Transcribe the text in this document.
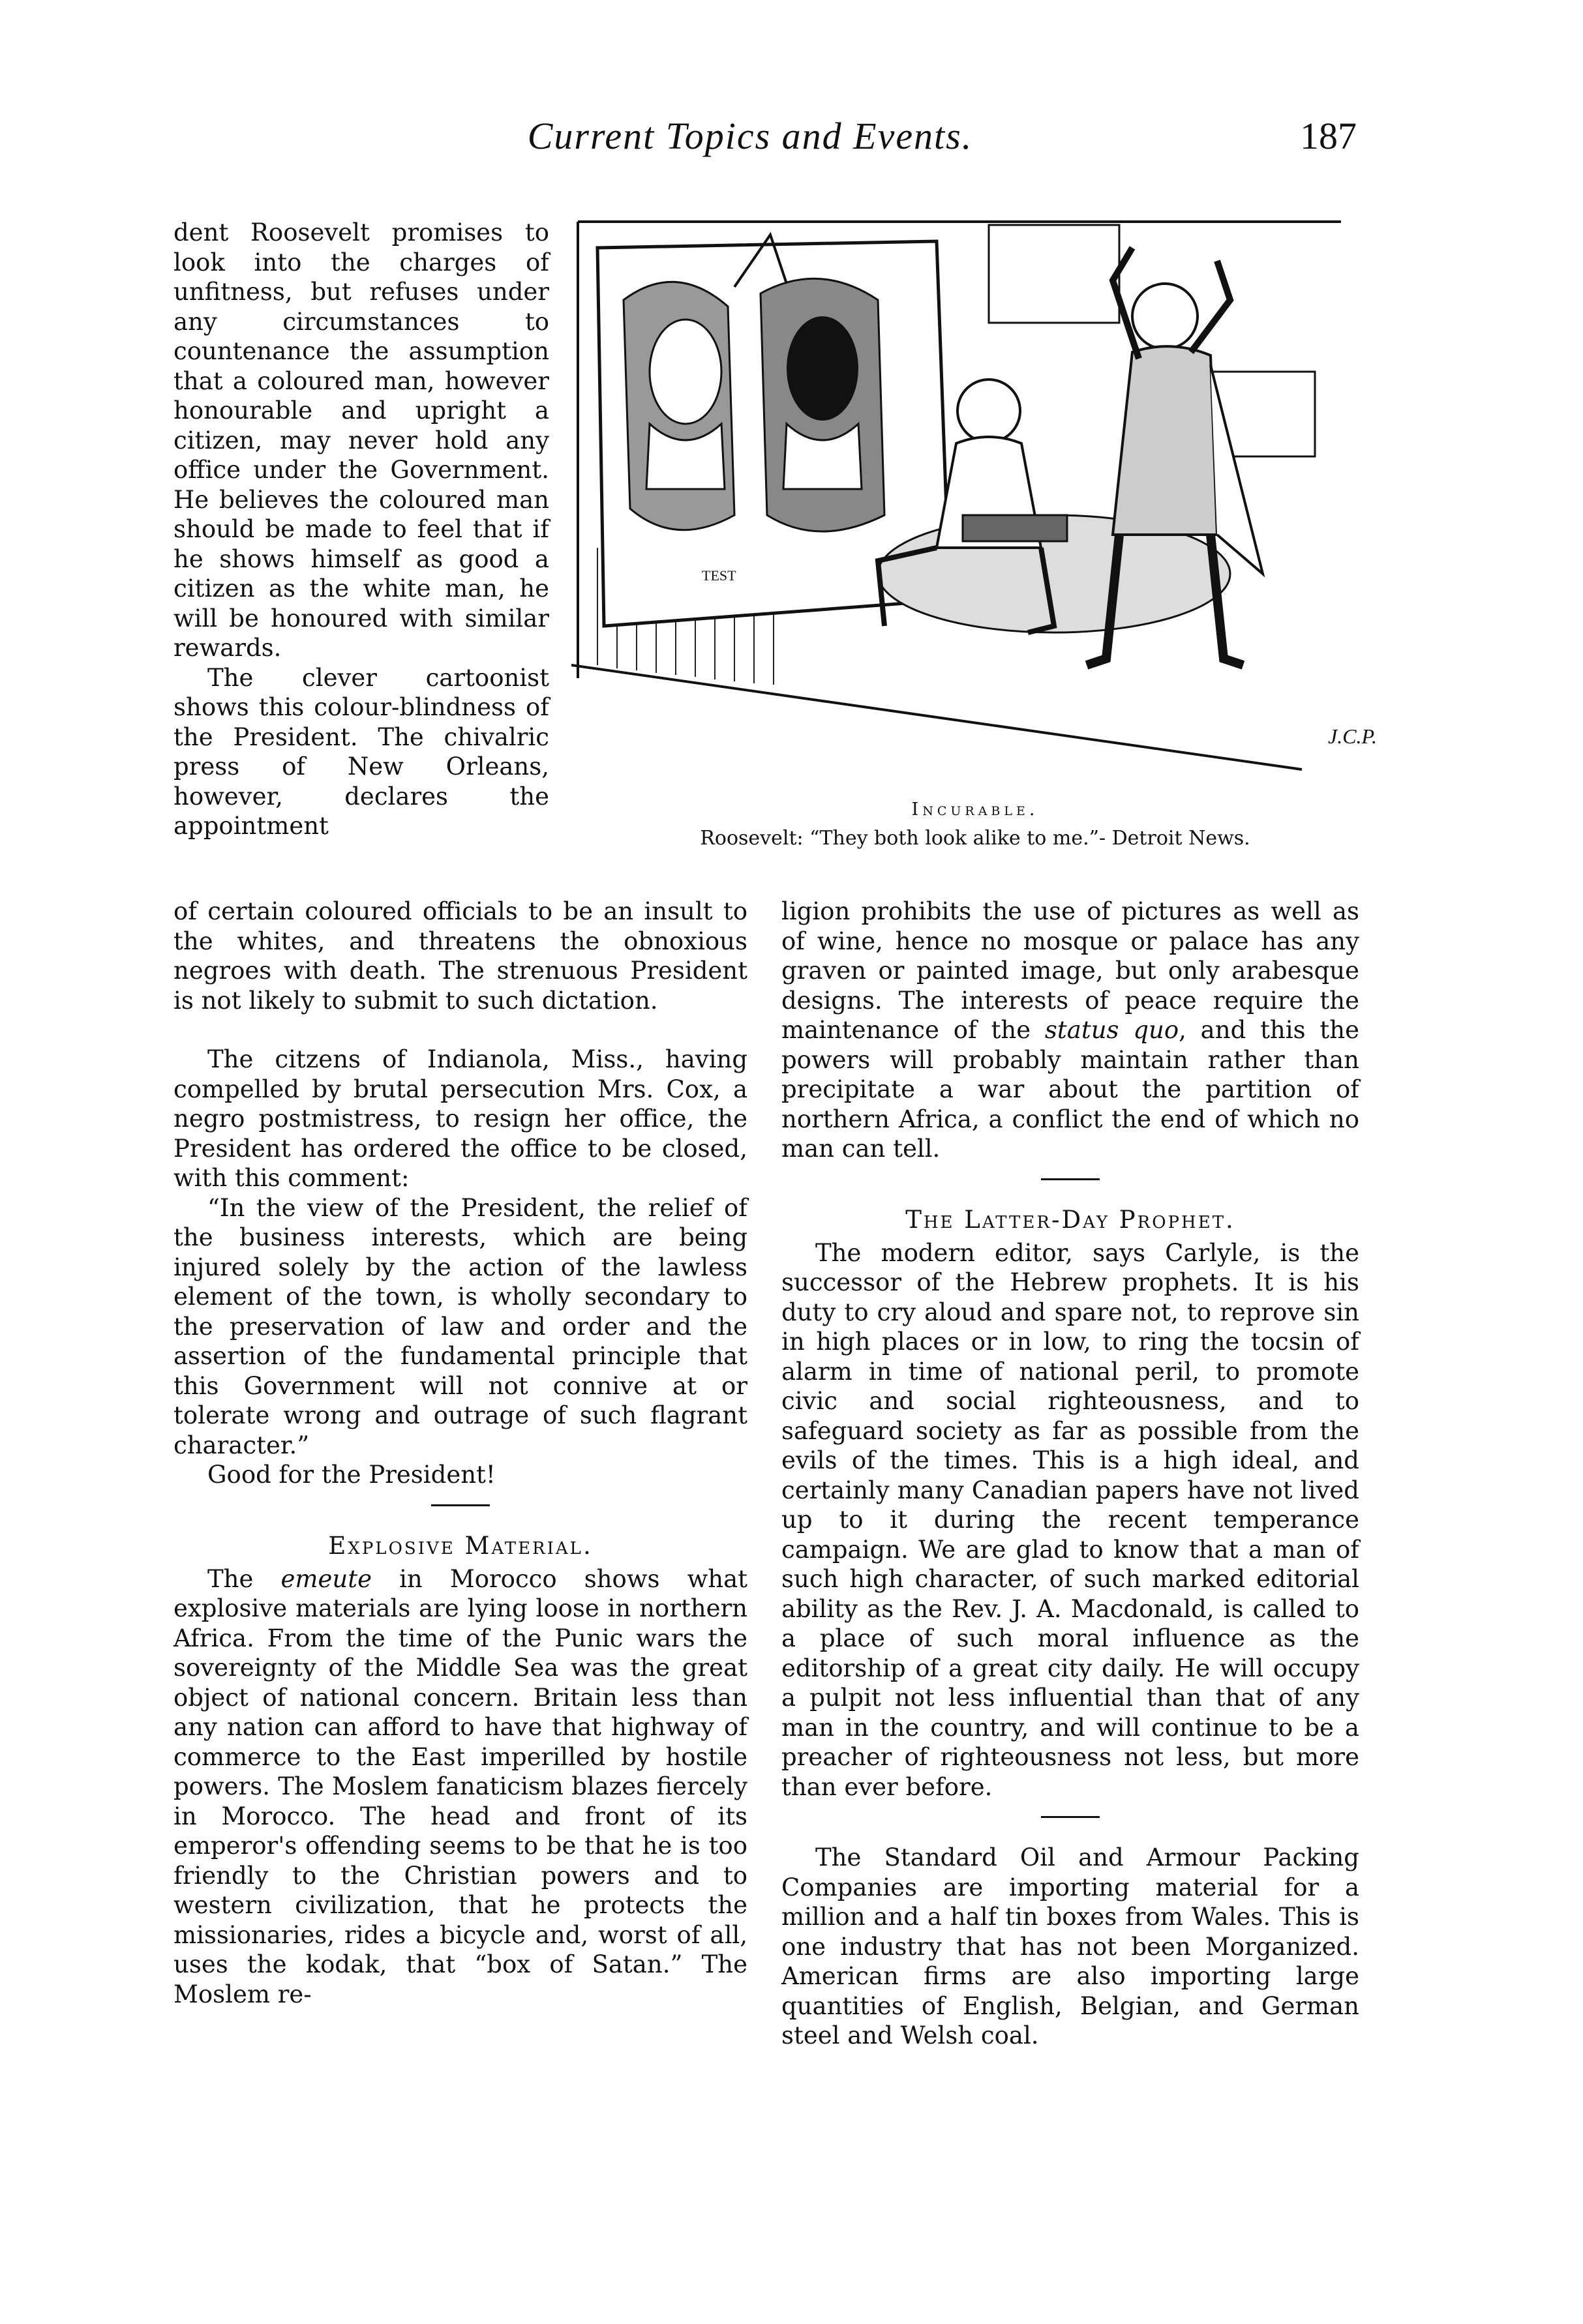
Current Topics and Events.	187

dent Roosevelt promises to look into the charges of unfitness, but refuses under any circumstances to countenance the assumption that a coloured man, however honourable and upright a citizen, may never hold any office under the Government. He believes the coloured man should be made to feel that if he shows himself as good a citizen as the white man, he will be honoured with similar rewards.

The clever cartoonist shows this colour-blindness of the President. The chivalric press of New Orleans, however, declares the appointment

TEST
J.C.P.
Incurable.
Roosevelt: “They both look alike to me.”- Detroit News.

of certain coloured officials to be an insult to the whites, and threatens the obnoxious negroes with death. The strenuous President is not likely to submit to such dictation.

The citzens of Indianola, Miss., having compelled by brutal persecution Mrs. Cox, a negro postmistress, to resign her office, the President has ordered the office to be closed, with this comment:

“In the view of the President, the relief of the business interests, which are being injured solely by the action of the lawless element of the town, is wholly secondary to the preservation of law and order and the assertion of the fundamental principle that this Government will not connive at or tolerate wrong and outrage of such flagrant character.”

Good for the President!

Explosive Material.

The emeute in Morocco shows what explosive materials are lying loose in northern Africa. From the time of the Punic wars the sovereignty of the Middle Sea was the great object of national concern. Britain less than any nation can afford to have that highway of commerce to the East imperilled by hostile powers. The Moslem fanaticism blazes fiercely in Morocco. The head and front of its emperor's offending seems to be that he is too friendly to the Christian powers and to western civilization, that he protects the missionaries, rides a bicycle and, worst of all, uses the kodak, that “box of Satan.” The Moslem re-

ligion prohibits the use of pictures as well as of wine, hence no mosque or palace has any graven or painted image, but only arabesque designs. The interests of peace require the maintenance of the status quo, and this the powers will probably maintain rather than precipitate a war about the partition of northern Africa, a conflict the end of which no man can tell.

The Latter-Day Prophet.

The modern editor, says Carlyle, is the successor of the Hebrew prophets. It is his duty to cry aloud and spare not, to reprove sin in high places or in low, to ring the tocsin of alarm in time of national peril, to promote civic and social righteousness, and to safeguard society as far as possible from the evils of the times. This is a high ideal, and certainly many Canadian papers have not lived up to it during the recent temperance campaign. We are glad to know that a man of such high character, of such marked editorial ability as the Rev. J. A. Macdonald, is called to a place of such moral influence as the editorship of a great city daily. He will occupy a pulpit not less influential than that of any man in the country, and will continue to be a preacher of righteousness not less, but more than ever before.

The Standard Oil and Armour Packing Companies are importing material for a million and a half tin boxes from Wales. This is one industry that has not been Morganized. American firms are also importing large quantities of English, Belgian, and German steel and Welsh coal.
